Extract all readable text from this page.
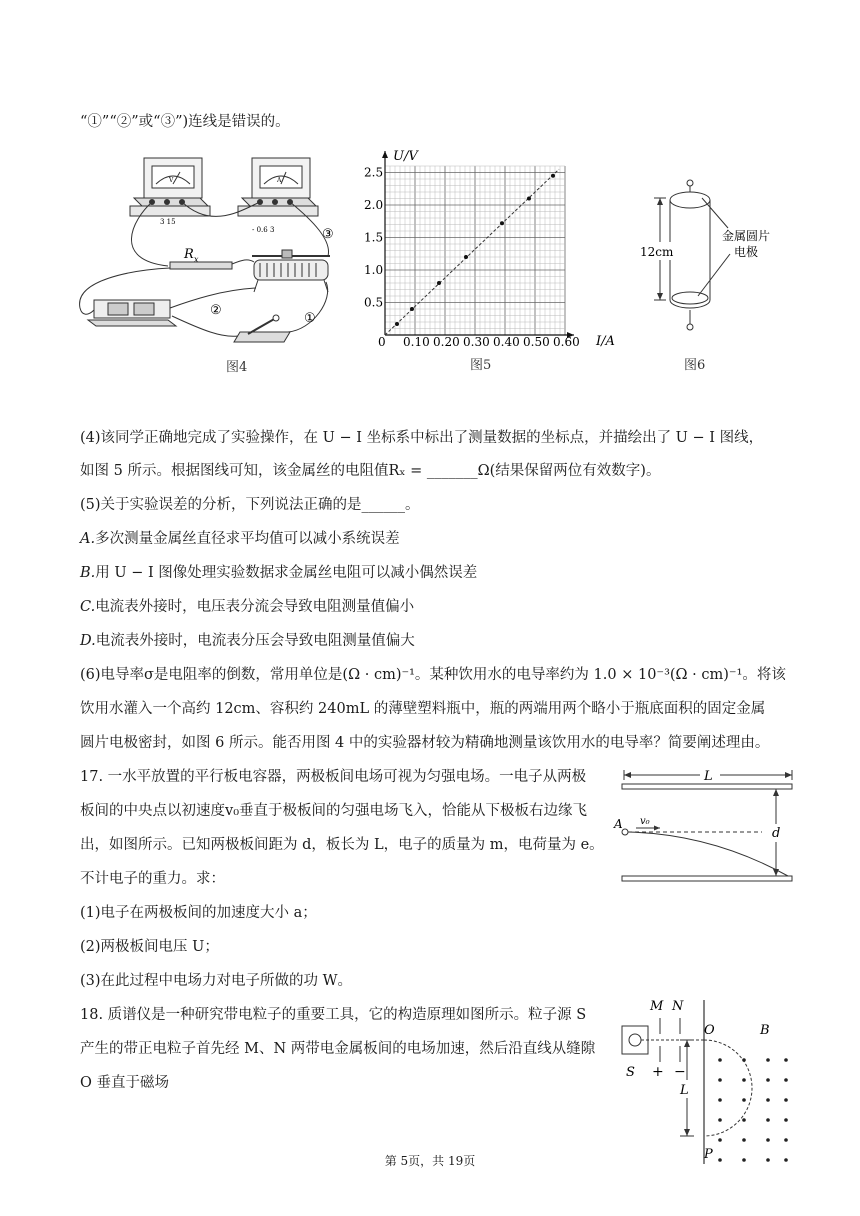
“①”“②”或“③”)连线是错误的。
V
3 15
A
- 0.6 3
R x
③
②
①
图4
U/V
I/A
0
0.5
1.0
1.5
2.0
2.5
0.10 0.20 0.30 0.40 0.50 0.60
图5
12cm
金属圆片
电极
图6
(4)该同学正确地完成了实验操作，在 U − I 坐标系中标出了测量数据的坐标点，并描绘出了 U − I 图线，
如图 5 所示。根据图线可知，该金属丝的电阻值Rₓ = _______Ω(结果保留两位有效数字)。
(5)关于实验误差的分析，下列说法正确的是______。
A.多次测量金属丝直径求平均值可以减小系统误差
B.用 U − I 图像处理实验数据求金属丝电阻可以减小偶然误差
C.电流表外接时，电压表分流会导致电阻测量值偏小
D.电流表外接时，电流表分压会导致电阻测量值偏大
(6)电导率σ是电阻率的倒数，常用单位是(Ω · cm)⁻¹。某种饮用水的电导率约为 1.0 × 10⁻³(Ω · cm)⁻¹。将该
饮用水灌入一个高约 12cm、容积约 240mL 的薄壁塑料瓶中，瓶的两端用两个略小于瓶底面积的固定金属
圆片电极密封，如图 6 所示。能否用图 4 中的实验器材较为精确地测量该饮用水的电导率？简要阐述理由。
17. 一水平放置的平行板电容器，两极板间电场可视为匀强电场。一电子从两极
板间的中央点以初速度v₀垂直于极板间的匀强电场飞入，恰能从下极板右边缘飞
出，如图所示。已知两极板间距为 d，板长为 L，电子的质量为 m，电荷量为 e。
不计电子的重力。求：
(1)电子在两极板间的加速度大小 a；
(2)两极板间电压 U；
(3)在此过程中电场力对电子所做的功 W。
L
d
v₀
A
18. 质谱仪是一种研究带电粒子的重要工具，它的构造原理如图所示。粒子源 S
产生的带正电粒子首先经 M、N 两带电金属板间的电场加速，然后沿直线从缝隙
O 垂直于磁场
M N
O	B
S + −
L
P
第 5页，共 19页
